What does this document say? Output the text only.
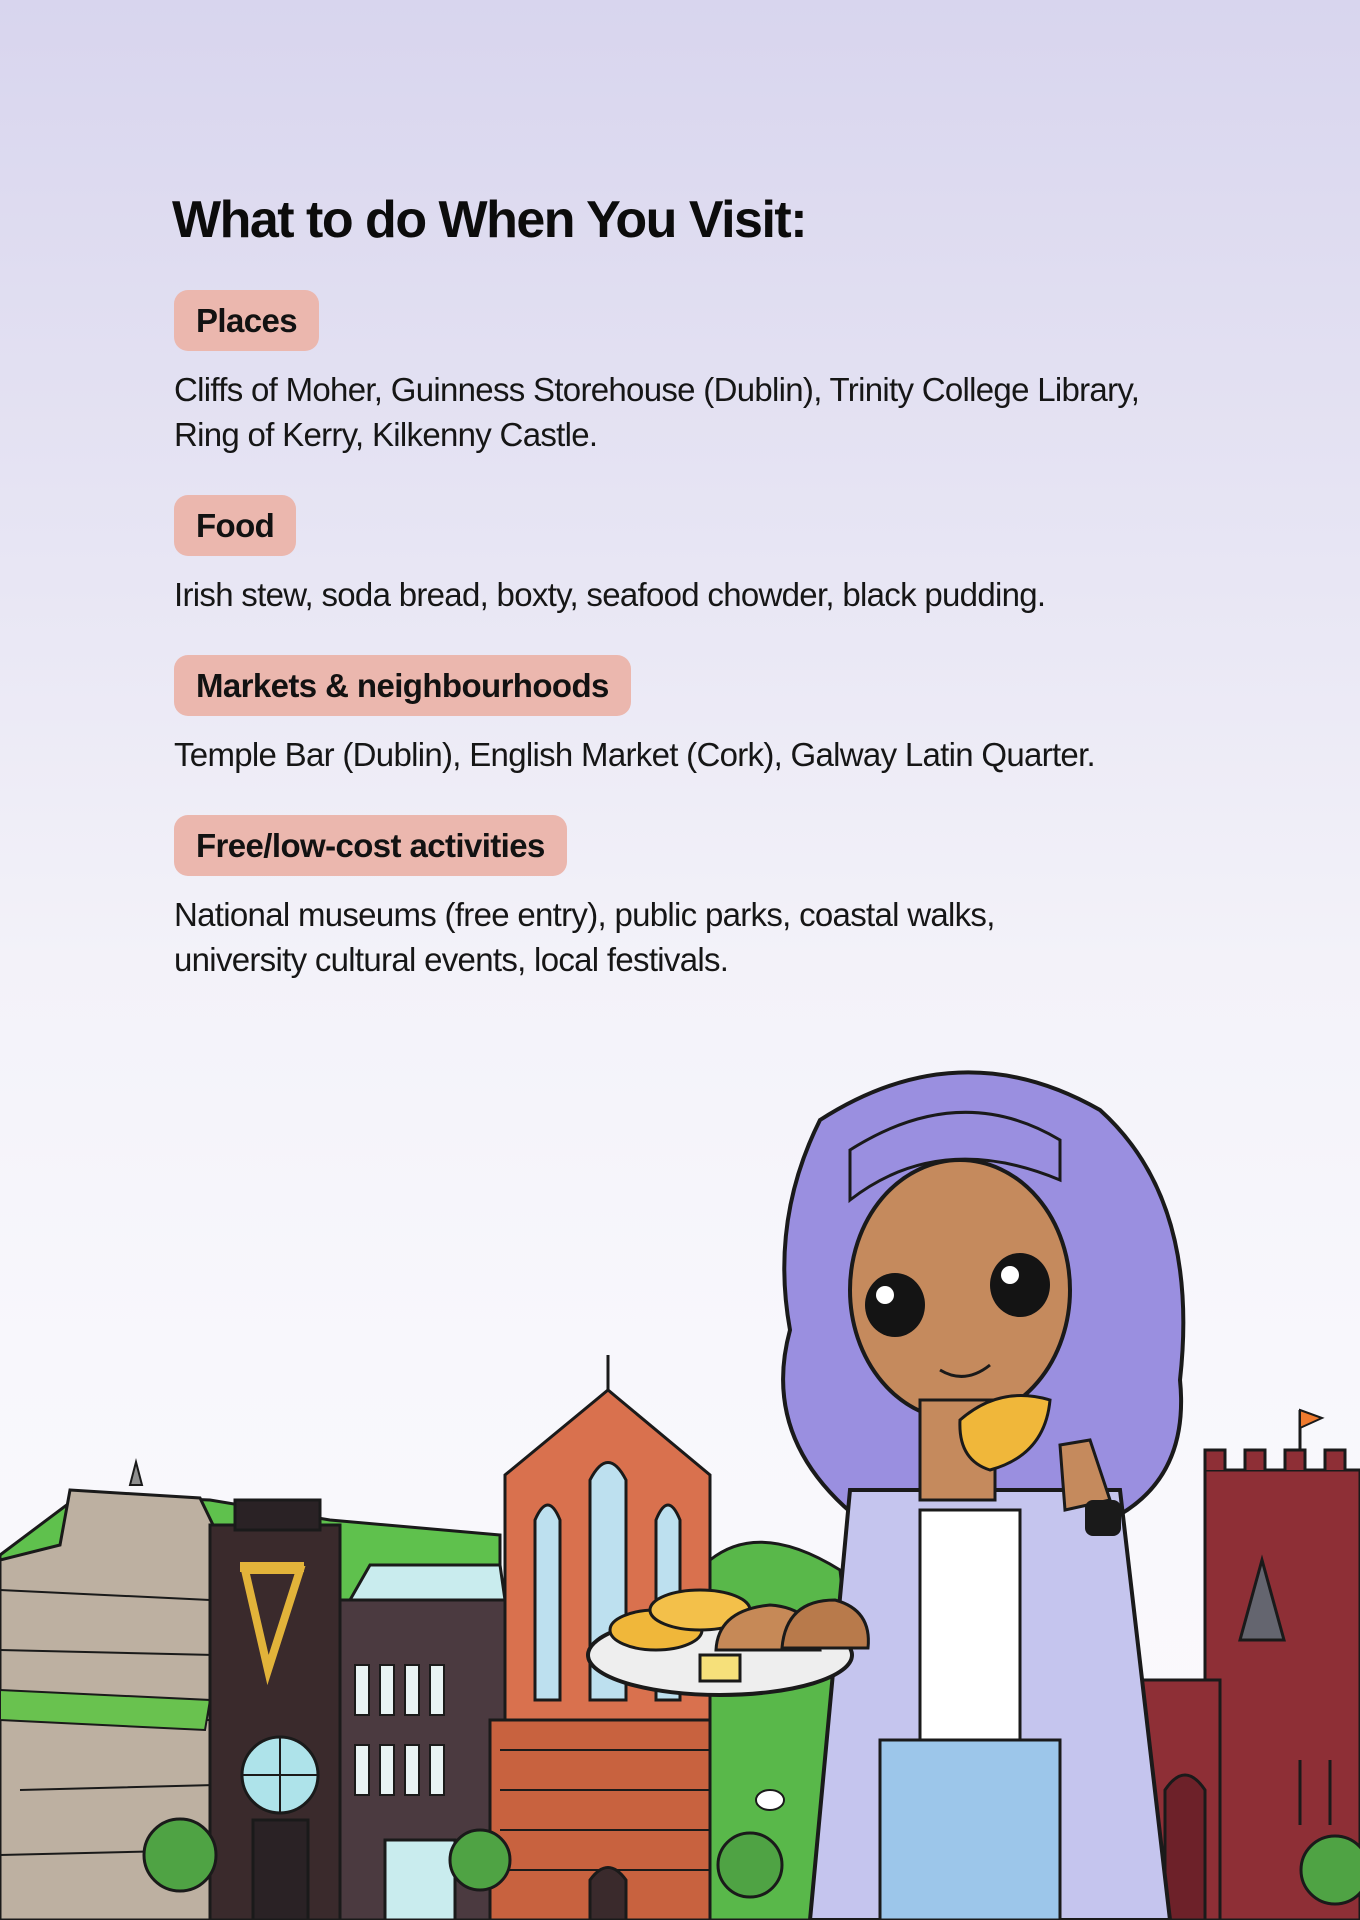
What to do When You Visit:
Places

Cliffs of Moher, Guinness Storehouse (Dublin), Trinity College Library,
Ring of Kerry, Kilkenny Castle.

Food

Irish stew, soda bread, boxty, seafood chowder, black pudding.

Markets & neighbourhoods

Temple Bar (Dublin), English Market (Cork), Galway Latin Quarter.

Free/low-cost activities

National museums (free entry), public parks, coastal walks,
university cultural events, local festivals.
